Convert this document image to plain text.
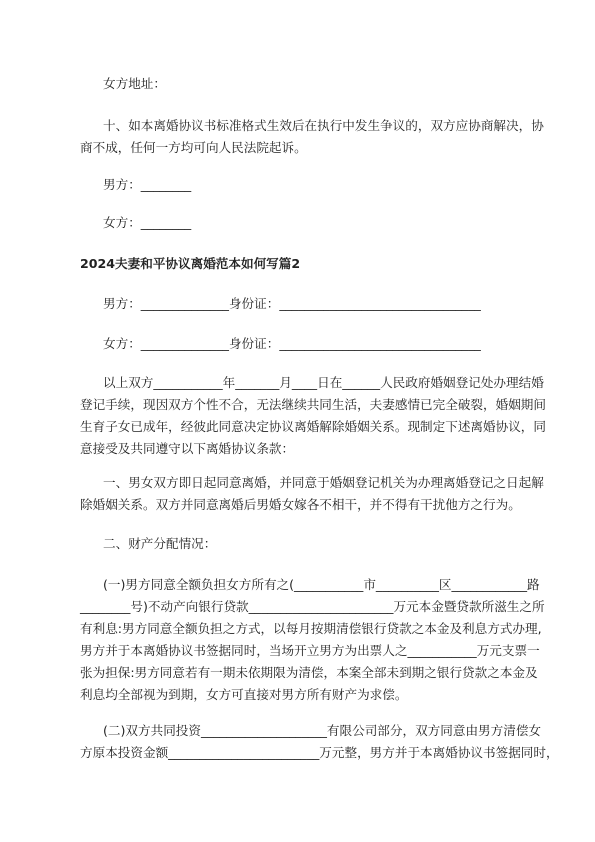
女方地址：
十、如本离婚协议书标准格式生效后在执行中发生争议的，双方应协商解决，协
商不成，任何一方均可向人民法院起诉。
男方：________
女方：________
2024夫妻和平协议离婚范本如何写篇2
男方：______________身份证：________________________________
女方：______________身份证：________________________________
以上双方___________年_______月____日在______人民政府婚姻登记处办理结婚
登记手续，现因双方个性不合，无法继续共同生活，夫妻感情已完全破裂，婚姻期间
生育子女已成年，经彼此同意决定协议离婚解除婚姻关系。现制定下述离婚协议，同
意接受及共同遵守以下离婚协议条款：
一、男女双方即日起同意离婚，并同意于婚姻登记机关为办理离婚登记之日起解
除婚姻关系。双方并同意离婚后男婚女嫁各不相干，并不得有干扰他方之行为。
二、财产分配情况：
(一)男方同意全额负担女方所有之(___________市__________区____________路
________号)不动产向银行贷款_______________________万元本金暨贷款所滋生之所
有利息:男方同意全额负担之方式，以每月按期清偿银行贷款之本金及利息方式办理,
男方并于本离婚协议书签据同时，当场开立男方为出票人之___________万元支票一
张为担保:男方同意若有一期未依期限为清偿，本案全部未到期之银行贷款之本金及
利息均全部视为到期，女方可直接对男方所有财产为求偿。
(二)双方共同投资____________________有限公司部分，双方同意由男方清偿女
方原本投资金额________________________万元整，男方并于本离婚协议书签据同时，
